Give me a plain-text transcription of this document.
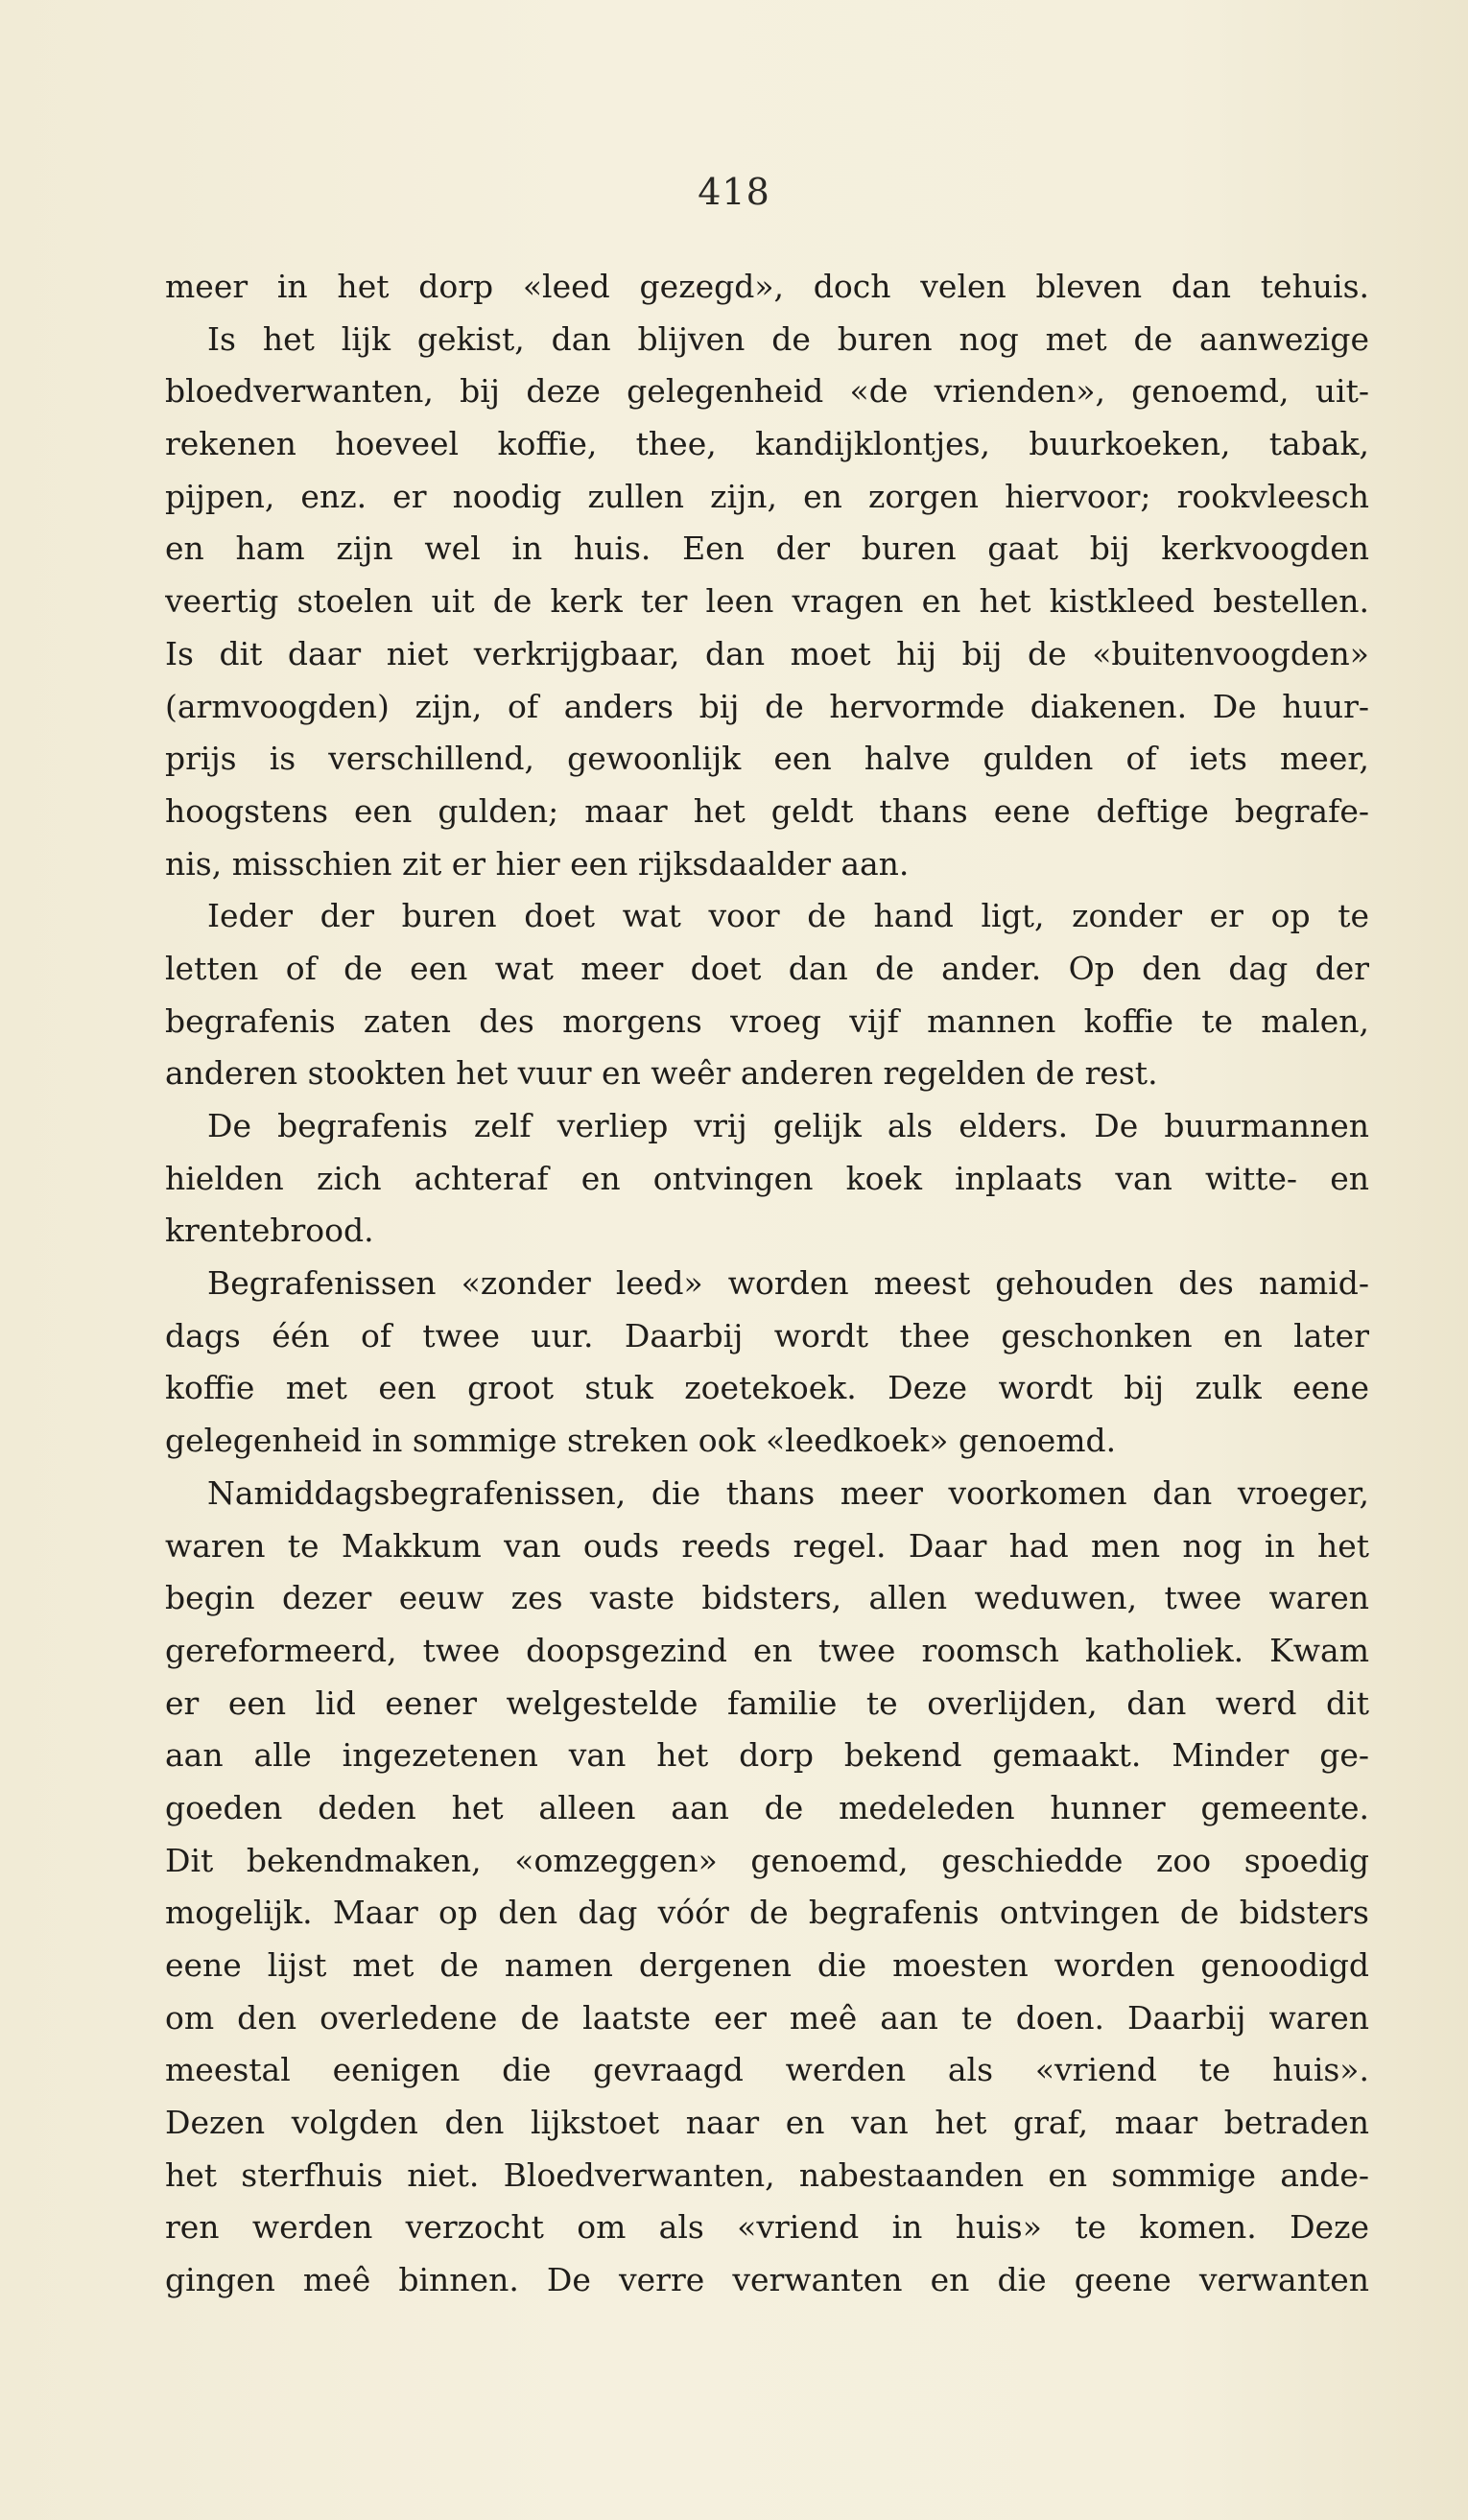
418
meer in het dorp «leed gezegd», doch velen bleven dan tehuis.
Is het lijk gekist, dan blijven de buren nog met de aanwezige
bloedverwanten, bij deze gelegenheid «de vrienden», genoemd, uit-
rekenen hoeveel koffie, thee, kandijklontjes, buurkoeken, tabak,
pijpen, enz. er noodig zullen zijn, en zorgen hiervoor; rookvleesch
en ham zijn wel in huis. Een der buren gaat bij kerkvoogden
veertig stoelen uit de kerk ter leen vragen en het kistkleed bestellen.
Is dit daar niet verkrijgbaar, dan moet hij bij de «buitenvoogden»
(armvoogden) zijn, of anders bij de hervormde diakenen. De huur-
prijs is verschillend, gewoonlijk een halve gulden of iets meer,
hoogstens een gulden; maar het geldt thans eene deftige begrafe-
nis, misschien zit er hier een rijksdaalder aan.
Ieder der buren doet wat voor de hand ligt, zonder er op te
letten of de een wat meer doet dan de ander. Op den dag der
begrafenis zaten des morgens vroeg vijf mannen koffie te malen,
anderen stookten het vuur en weêr anderen regelden de rest.
De begrafenis zelf verliep vrij gelijk als elders. De buurmannen
hielden zich achteraf en ontvingen koek inplaats van witte- en
krentebrood.
Begrafenissen «zonder leed» worden meest gehouden des namid-
dags één of twee uur. Daarbij wordt thee geschonken en later
koffie met een groot stuk zoetekoek. Deze wordt bij zulk eene
gelegenheid in sommige streken ook «leedkoek» genoemd.
Namiddagsbegrafenissen, die thans meer voorkomen dan vroeger,
waren te Makkum van ouds reeds regel. Daar had men nog in het
begin dezer eeuw zes vaste bidsters, allen weduwen, twee waren
gereformeerd, twee doopsgezind en twee roomsch katholiek. Kwam
er een lid eener welgestelde familie te overlijden, dan werd dit
aan alle ingezetenen van het dorp bekend gemaakt. Minder ge-
goeden deden het alleen aan de medeleden hunner gemeente.
Dit bekendmaken, «omzeggen» genoemd, geschiedde zoo spoedig
mogelijk. Maar op den dag vóór de begrafenis ontvingen de bidsters
eene lijst met de namen dergenen die moesten worden genoodigd
om den overledene de laatste eer meê aan te doen. Daarbij waren
meestal eenigen die gevraagd werden als «vriend te huis».
Dezen volgden den lijkstoet naar en van het graf, maar betraden
het sterfhuis niet. Bloedverwanten, nabestaanden en sommige ande-
ren werden verzocht om als «vriend in huis» te komen. Deze
gingen meê binnen. De verre verwanten en die geene verwanten
